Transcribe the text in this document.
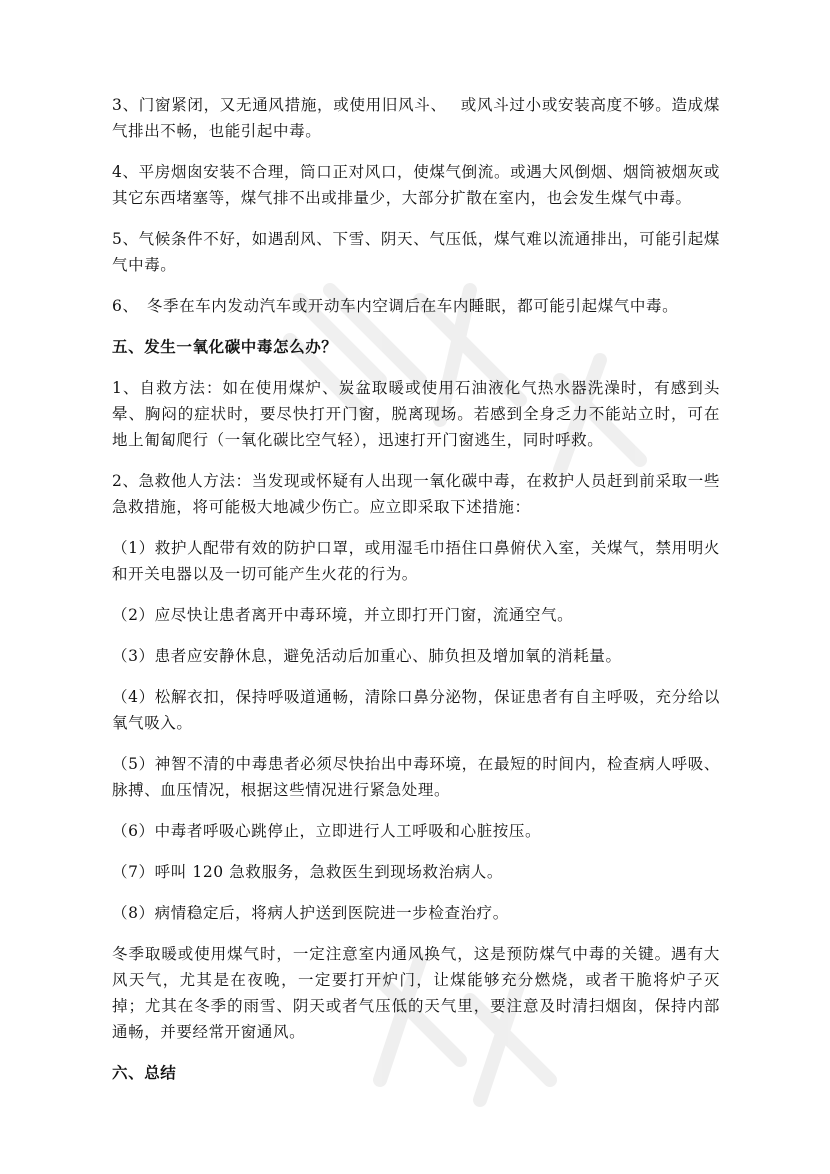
3、门窗紧闭，又无通风措施，或使用旧风斗、　 或风斗过小或安装高度不够。造成煤气排出不畅，也能引起中毒。

4、平房烟囱安装不合理，筒口正对风口，使煤气倒流。或遇大风倒烟、烟筒被烟灰或其它东西堵塞等，煤气排不出或排量少，大部分扩散在室内，也会发生煤气中毒。

5、气候条件不好，如遇刮风、下雪、阴天、气压低，煤气难以流通排出，可能引起煤气中毒。

6、　冬季在车内发动汽车或开动车内空调后在车内睡眠，都可能引起煤气中毒。

五、发生一氧化碳中毒怎么办？

1、自救方法：如在使用煤炉、炭盆取暖或使用石油液化气热水器洗澡时，有感到头晕、胸闷的症状时，要尽快打开门窗，脱离现场。若感到全身乏力不能站立时，可在地上匍匐爬行（一氧化碳比空气轻），迅速打开门窗逃生，同时呼救。

2、急救他人方法：当发现或怀疑有人出现一氧化碳中毒，在救护人员赶到前采取一些急救措施，将可能极大地减少伤亡。应立即采取下述措施：

（1）救护人配带有效的防护口罩，或用湿毛巾捂住口鼻俯伏入室，关煤气，禁用明火和开关电器以及一切可能产生火花的行为。

（2）应尽快让患者离开中毒环境，并立即打开门窗，流通空气。

（3）患者应安静休息，避免活动后加重心、肺负担及增加氧的消耗量。

（4）松解衣扣，保持呼吸道通畅，清除口鼻分泌物，保证患者有自主呼吸，充分给以氧气吸入。

（5）神智不清的中毒患者必须尽快抬出中毒环境，在最短的时间内，检查病人呼吸、脉搏、血压情况，根据这些情况进行紧急处理。

（6）中毒者呼吸心跳停止，立即进行人工呼吸和心脏按压。

（7）呼叫 120 急救服务，急救医生到现场救治病人。

（8）病情稳定后，将病人护送到医院进一步检查治疗。

冬季取暖或使用煤气时，一定注意室内通风换气，这是预防煤气中毒的关键。遇有大风天气，尤其是在夜晚，一定要打开炉门，让煤能够充分燃烧，或者干脆将炉子灭掉；尤其在冬季的雨雪、阴天或者气压低的天气里，要注意及时清扫烟囱，保持内部通畅，并要经常开窗通风。

六、总结
